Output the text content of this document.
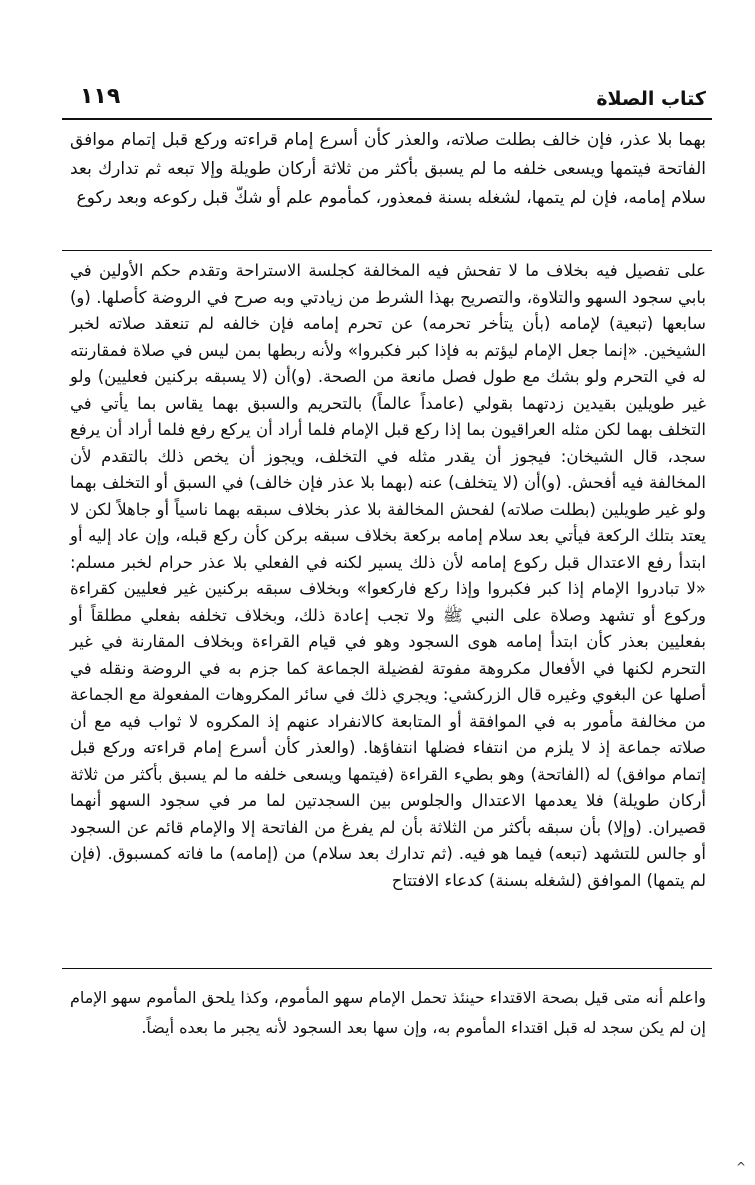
كتاب الصلاة
١١٩

بهما بلا عذر، فإن خالف بطلت صلاته، والعذر كأن أسرع إمام قراءته وركع قبل إتمام موافق الفاتحة فيتمها ويسعى خلفه ما لم يسبق بأكثر من ثلاثة أركان طويلة وإلا تبعه ثم تدارك بعد سلام إمامه، فإن لم يتمها، لشغله بسنة فمعذور، كمأموم علم أو شكّ قبل ركوعه وبعد ركوع

على تفصيل فيه بخلاف ما لا تفحش فيه المخالفة كجلسة الاستراحة وتقدم حكم الأولين في بابي سجود السهو والتلاوة، والتصريح بهذا الشرط من زيادتي وبه صرح في الروضة كأصلها. (و) سابعها (تبعية) لإمامه (بأن يتأخر تحرمه) عن تحرم إمامه فإن خالفه لم تنعقد صلاته لخبر الشيخين. «إنما جعل الإمام ليؤتم به فإذا كبر فكبروا» ولأنه ربطها بمن ليس في صلاة فمقارنته له في التحرم ولو بشك مع طول فصل مانعة من الصحة. (و)أن (لا يسبقه بركنين فعليين) ولو غير طويلين بقيدين زدتهما بقولي (عامداً عالماً) بالتحريم والسبق بهما يقاس بما يأتي في التخلف بهما لكن مثله العراقيون بما إذا ركع قبل الإمام فلما أراد أن يركع رفع فلما أراد أن يرفع سجد، قال الشيخان: فيجوز أن يقدر مثله في التخلف، ويجوز أن يخص ذلك بالتقدم لأن المخالفة فيه أفحش. (و)أن (لا يتخلف) عنه (بهما بلا عذر فإن خالف) في السبق أو التخلف بهما ولو غير طويلين (بطلت صلاته) لفحش المخالفة بلا عذر بخلاف سبقه بهما ناسياً أو جاهلاً لكن لا يعتد بتلك الركعة فيأتي بعد سلام إمامه بركعة بخلاف سبقه بركن كأن ركع قبله، وإن عاد إليه أو ابتدأ رفع الاعتدال قبل ركوع إمامه لأن ذلك يسير لكنه في الفعلي بلا عذر حرام لخبر مسلم: «لا تبادروا الإمام إذا كبر فكبروا وإذا ركع فاركعوا» وبخلاف سبقه بركنين غير فعليين كقراءة وركوع أو تشهد وصلاة على النبي ﷺ ولا تجب إعادة ذلك، وبخلاف تخلفه بفعلي مطلقاً أو بفعليين بعذر كأن ابتدأ إمامه هوى السجود وهو في قيام القراءة وبخلاف المقارنة في غير التحرم لكنها في الأفعال مكروهة مفوتة لفضيلة الجماعة كما جزم به في الروضة ونقله في أصلها عن البغوي وغيره قال الزركشي: ويجري ذلك في سائر المكروهات المفعولة مع الجماعة من مخالفة مأمور به في الموافقة أو المتابعة كالانفراد عنهم إذ المكروه لا ثواب فيه مع أن صلاته جماعة إذ لا يلزم من انتفاء فضلها انتفاؤها. (والعذر كأن أسرع إمام قراءته وركع قبل إتمام موافق) له (الفاتحة) وهو بطيء القراءة (فيتمها ويسعى خلفه ما لم يسبق بأكثر من ثلاثة أركان طويلة) فلا يعدمها الاعتدال والجلوس بين السجدتين لما مر في سجود السهو أنهما قصيران. (وإلا) بأن سبقه بأكثر من الثلاثة بأن لم يفرغ من الفاتحة إلا والإمام قائم عن السجود أو جالس للتشهد (تبعه) فيما هو فيه. (ثم تدارك بعد سلام) من (إمامه) ما فاته كمسبوق. (فإن لم يتمها) الموافق (لشغله بسنة) كدعاء الافتتاح

واعلم أنه متى قيل بصحة الاقتداء حينئذ تحمل الإمام سهو المأموم، وكذا يلحق المأموم سهو الإمام إن لم يكن سجد له قبل اقتداء المأموم به، وإن سها بعد السجود لأنه يجبر ما بعده أيضاً.

^
